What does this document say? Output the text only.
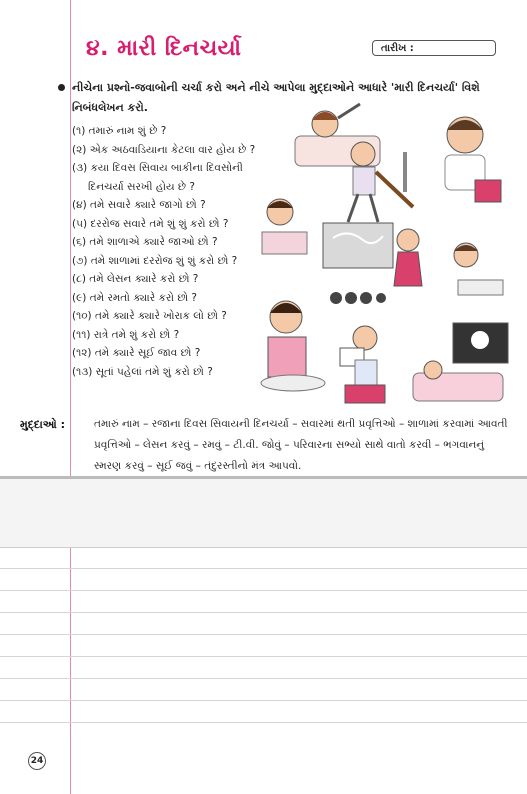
૪. મારી દિનચર્યા	તારીખ :
નીચેના પ્રશ્નો-જવાબોની ચર્ચા કરો અને નીચે આપેલા મુદ્દાઓને આધારે 'મારી દિનચર્યા' વિશે નિબંધલેખન કરો.
(૧) તમારું નામ શું છે ?
(૨) એક અઠવાડિયાના કેટલા વાર હોય છે ?
(૩) કયા દિવસ સિવાય બાકીના દિવસોની
દિનચર્યા સરખી હોય છે ?
(૪) તમે સવારે ક્યારે જાગો છો ?
(૫) દરરોજ સવારે તમે શું શું કરો છો ?
(૬) તમે શાળાએ ક્યારે જાઓ છો ?
(૭) તમે શાળામાં દરરોજ શું શું કરો છો ?
(૮) તમે લેસન ક્યારે કરો છો ?
(૯) તમે રમતો ક્યારે કરો છો ?
(૧૦) તમે ક્યારે ક્યારે ખોરાક લો છો ?
(૧૧) રાત્રે તમે શું કરો છો ?
(૧૨) તમે ક્યારે સૂઈ જાવ છો ?
(૧૩) સૂતાં પહેલાં તમે શું કરો છો ?
મુદ્દાઓ :	તમારું નામ – રજાના દિવસ સિવાયની દિનચર્યા – સવારમાં થતી પ્રવૃત્તિઓ – શાળામાં કરવામાં આવતી પ્રવૃત્તિઓ – લેસન કરવું – રમવું – ટી.વી. જોવું – પરિવારના સભ્યો સાથે વાતો કરવી – ભગવાનનું સ્મરણ કરવું – સૂઈ જવું – તંદુરસ્તીનો મંત્ર આપવો.
24
